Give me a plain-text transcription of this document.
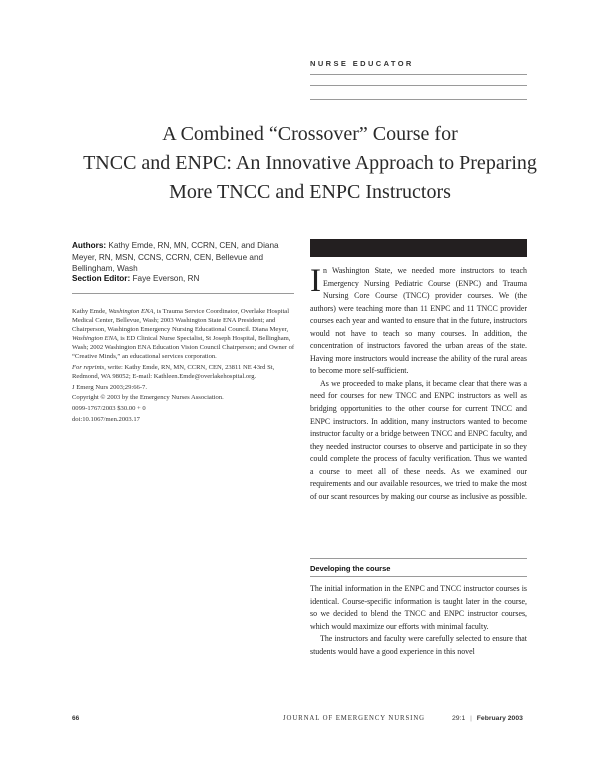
NURSE EDUCATOR
A Combined “Crossover” Course for
TNCC and ENPC: An Innovative Approach to Preparing
More TNCC and ENPC Instructors
Authors: Kathy Emde, RN, MN, CCRN, CEN, and Diana Meyer, RN, MSN, CCNS, CCRN, CEN, Bellevue and Bellingham, Wash
Section Editor: Faye Everson, RN

Kathy Emde, Washington ENA, is Trauma Service Coordinator, Overlake Hospital Medical Center, Bellevue, Wash; 2003 Washington State ENA President; and Chairperson, Washington Emergency Nursing Educational Council. Diana Meyer, Washington ENA, is ED Clinical Nurse Specialist, St Joseph Hospital, Bellingham, Wash; 2002 Washington ENA Education Vision Council Chairperson; and Owner of “Creative Minds,” an educational services corporation.

For reprints, write: Kathy Emde, RN, MN, CCRN, CEN, 23811 NE 43rd St, Redmond, WA 98052; E-mail: Kathleen.Emde@overlakehospital.org.

J Emerg Nurs 2003;29:66-7.

Copyright © 2003 by the Emergency Nurses Association.

0099-1767/2003 $30.00 + 0

doi:10.1067/men.2003.17

In Washington State, we needed more instructors to teach Emergency Nursing Pediatric Course (ENPC) and Trauma Nursing Core Course (TNCC) provider courses. We (the authors) were teaching more than 11 ENPC and 11 TNCC provider courses each year and wanted to ensure that in the future, instructors would not have to teach so many courses. In addition, the concentration of instructors favored the urban areas of the state. Having more instructors would increase the ability of the rural areas to become more self-sufficient.

As we proceeded to make plans, it became clear that there was a need for courses for new TNCC and ENPC instructors as well as bridging opportunities to the other course for current TNCC and ENPC instructors. In addition, many instructors wanted to become instructor faculty or a bridge between TNCC and ENPC faculty, and they needed instructor courses to observe and participate in so they could complete the process of faculty verification. Thus we wanted a course to meet all of these needs. As we examined our requirements and our available resources, we tried to make the most of our scant resources by making our course as inclusive as possible.

Developing the course

The initial information in the ENPC and TNCC instructor courses is identical. Course-specific information is taught later in the course, so we decided to blend the TNCC and ENPC instructor courses, which would maximize our efforts with minimal faculty.

The instructors and faculty were carefully selected to ensure that students would have a good experience in this novel

66	JOURNAL OF EMERGENCY NURSING	29:1 | February 2003
